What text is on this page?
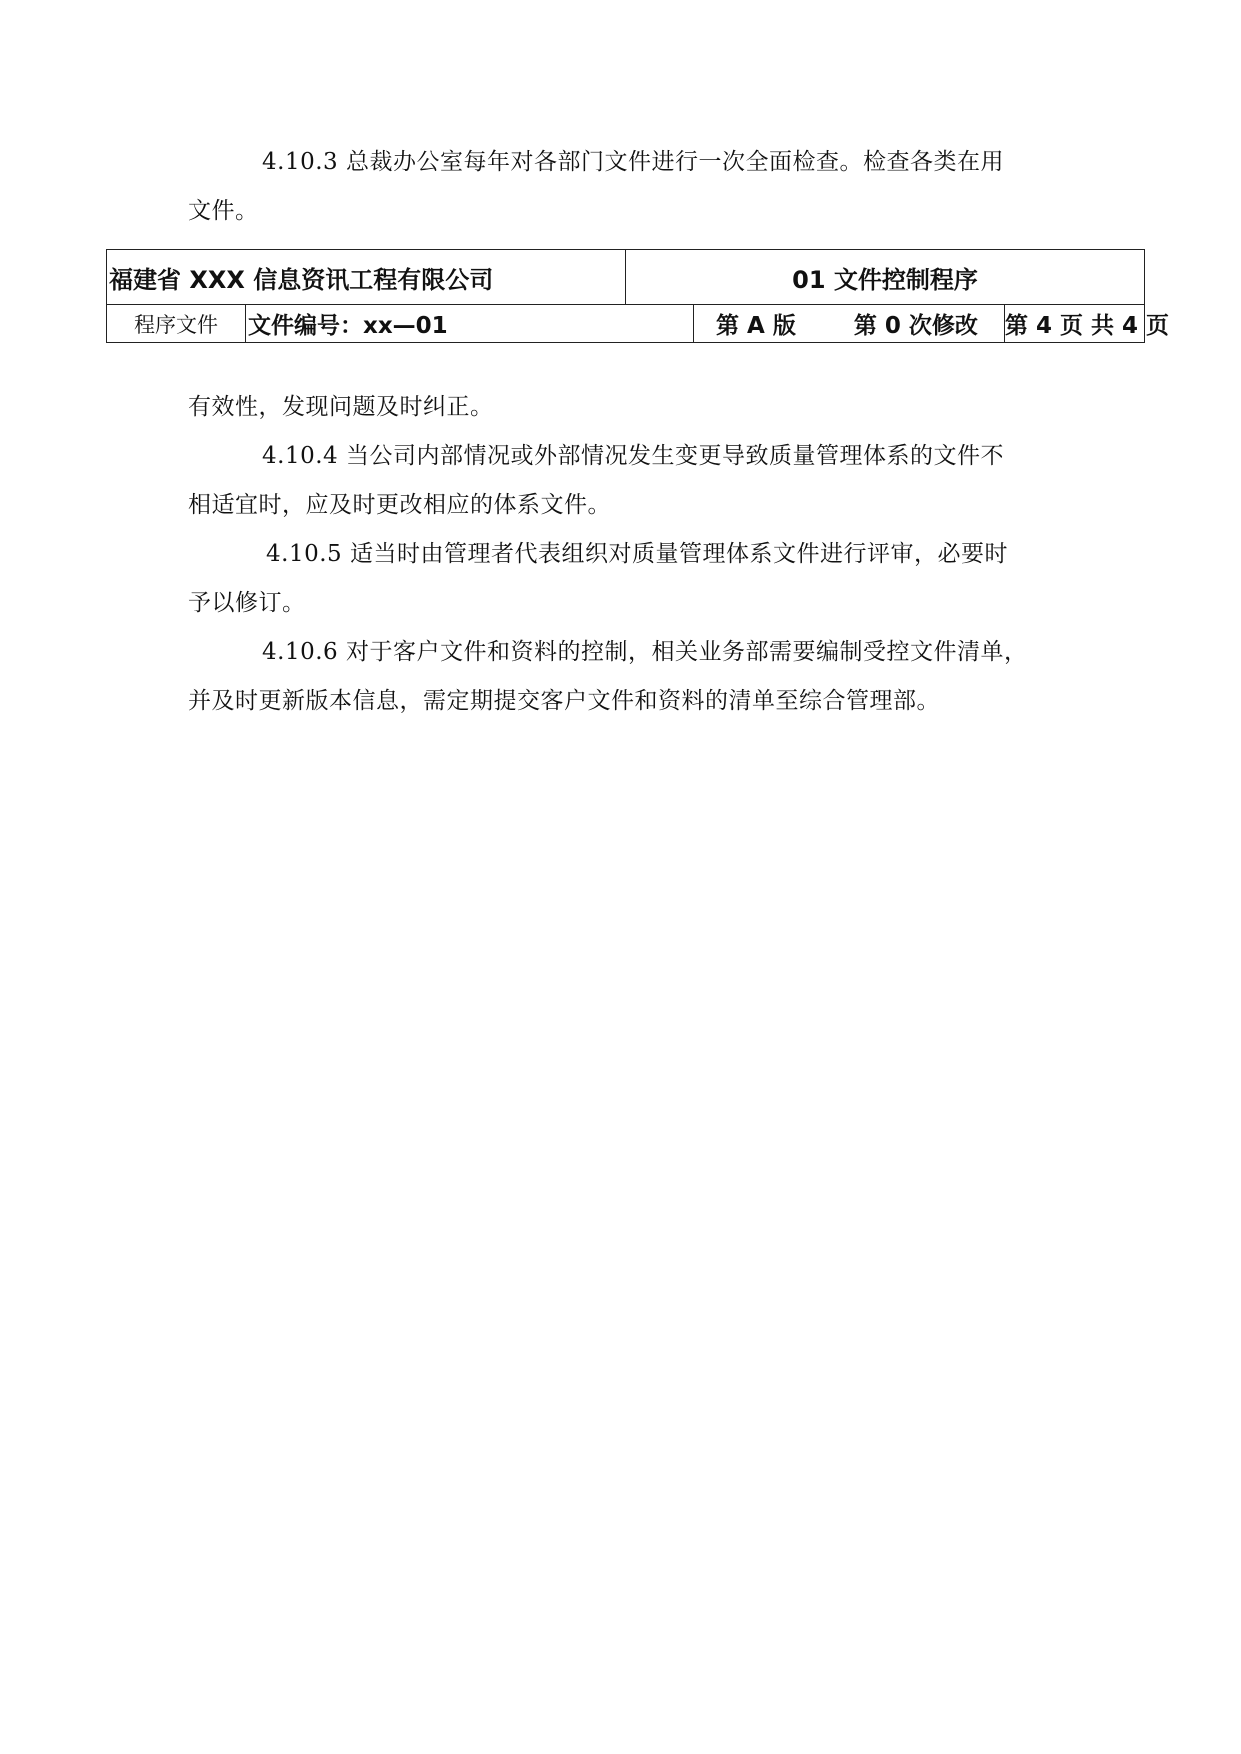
4.10.3 总裁办公室每年对各部门文件进行一次全面检查。检查各类在用
文件。
福建省 XXX 信息资讯工程有限公司		01 文件控制程序		
程序文件	文件编号：xx—01		第 A 版 第 0 次修改	第 4 页 共 4 页
有效性，发现问题及时纠正。
4.10.4 当公司内部情况或外部情况发生变更导致质量管理体系的文件不
相适宜时，应及时更改相应的体系文件。
4.10.5 适当时由管理者代表组织对质量管理体系文件进行评审，必要时
予以修订。
4.10.6 对于客户文件和资料的控制，相关业务部需要编制受控文件清单，
并及时更新版本信息，需定期提交客户文件和资料的清单至综合管理部。
